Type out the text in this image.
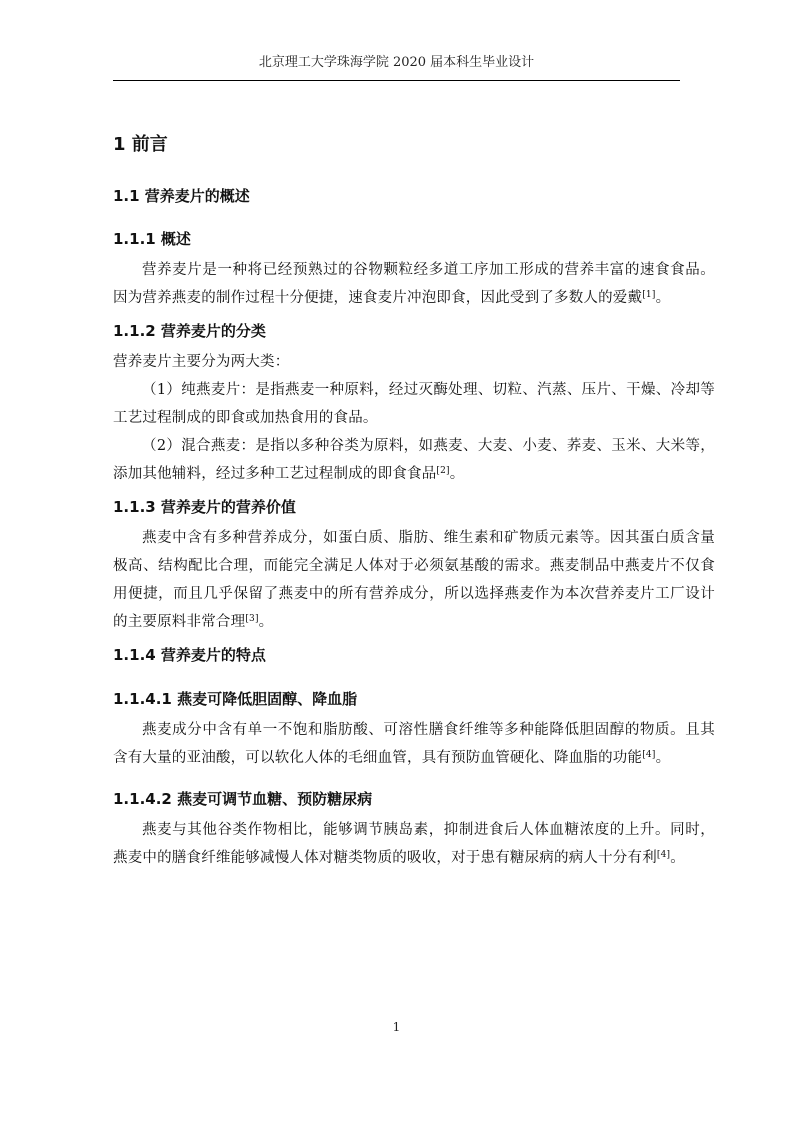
北京理工大学珠海学院 2020 届本科生毕业设计
1 前言
1.1 营养麦片的概述
1.1.1 概述

营养麦片是一种将已经预熟过的谷物颗粒经多道工序加工形成的营养丰富的速食食品。因为营养燕麦的制作过程十分便捷，速食麦片冲泡即食，因此受到了多数人的爱戴[1]。

1.1.2 营养麦片的分类

营养麦片主要分为两大类：

（1）纯燕麦片：是指燕麦一种原料，经过灭酶处理、切粒、汽蒸、压片、干燥、冷却等工艺过程制成的即食或加热食用的食品。

（2）混合燕麦：是指以多种谷类为原料，如燕麦、大麦、小麦、荞麦、玉米、大米等，添加其他辅料，经过多种工艺过程制成的即食食品[2]。

1.1.3 营养麦片的营养价值

燕麦中含有多种营养成分，如蛋白质、脂肪、维生素和矿物质元素等。因其蛋白质含量极高、结构配比合理，而能完全满足人体对于必须氨基酸的需求。燕麦制品中燕麦片不仅食用便捷，而且几乎保留了燕麦中的所有营养成分，所以选择燕麦作为本次营养麦片工厂设计的主要原料非常合理[3]。

1.1.4 营养麦片的特点
1.1.4.1 燕麦可降低胆固醇、降血脂

燕麦成分中含有单一不饱和脂肪酸、可溶性膳食纤维等多种能降低胆固醇的物质。且其含有大量的亚油酸，可以软化人体的毛细血管，具有预防血管硬化、降血脂的功能[4]。

1.1.4.2 燕麦可调节血糖、预防糖尿病

燕麦与其他谷类作物相比，能够调节胰岛素，抑制进食后人体血糖浓度的上升。同时，燕麦中的膳食纤维能够减慢人体对糖类物质的吸收，对于患有糖尿病的病人十分有利[4]。

1
